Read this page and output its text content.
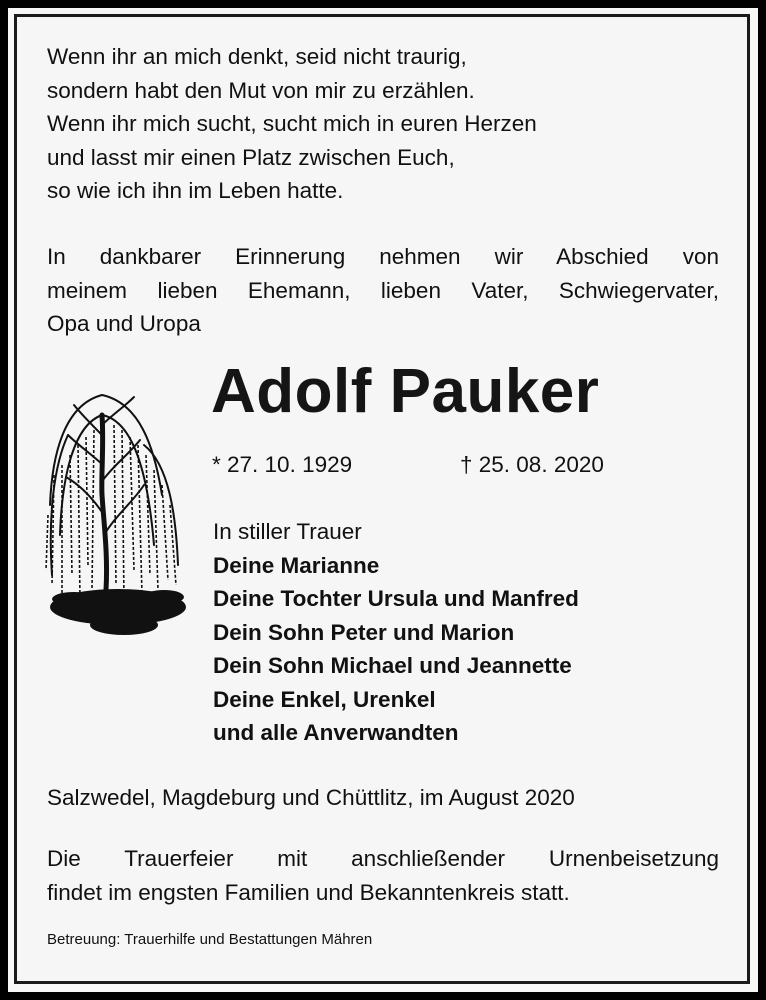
Wenn ihr an mich denkt, seid nicht traurig,
sondern habt den Mut von mir zu erzählen.
Wenn ihr mich sucht, sucht mich in euren Herzen
und lasst mir einen Platz zwischen Euch,
so wie ich ihn im Leben hatte.
In dankbarer Erinnerung nehmen wir Abschied von
meinem lieben Ehemann, lieben Vater, Schwiegervater,
Opa und Uropa
Adolf Pauker
* 27. 10. 1929	† 25. 08. 2020
In stiller Trauer
Deine Marianne
Deine Tochter Ursula und Manfred
Dein Sohn Peter und Marion
Dein Sohn Michael und Jeannette
Deine Enkel, Urenkel
und alle Anverwandten
Salzwedel, Magdeburg und Chüttlitz, im August 2020
Die Trauerfeier mit anschließender Urnenbeisetzung
findet im engsten Familien und Bekanntenkreis statt.
Betreuung: Trauerhilfe und Bestattungen Mähren
